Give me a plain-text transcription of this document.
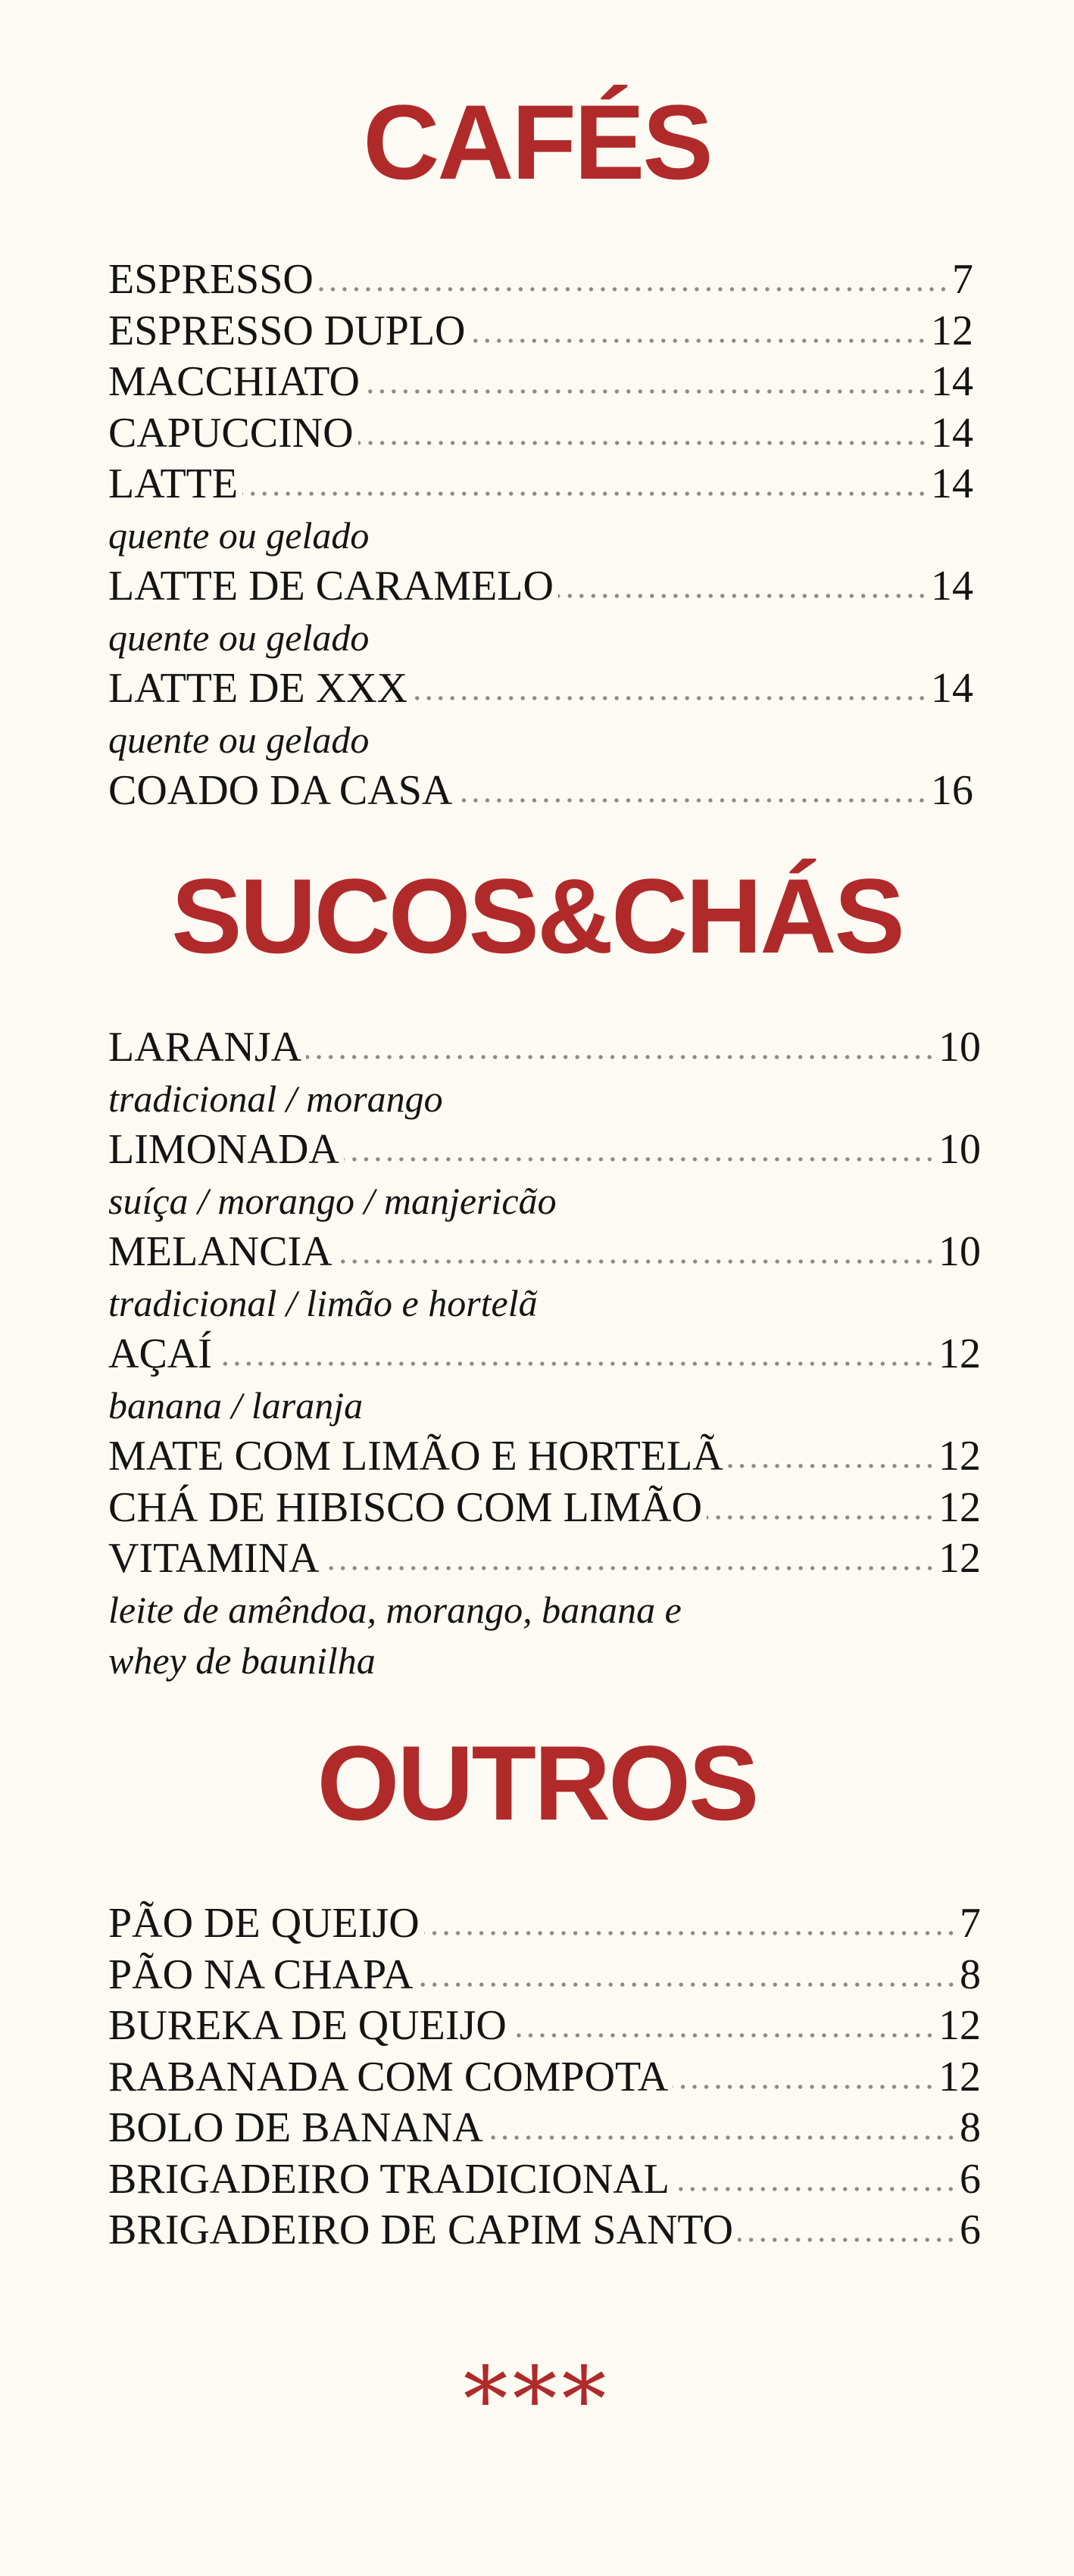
CAFÉS
ESPRESSO	7
ESPRESSO DUPLO	12
MACCHIATO	14
CAPUCCINO	14
LATTE	14
quente ou gelado
LATTE DE CARAMELO	14
quente ou gelado
LATTE DE XXX	14
quente ou gelado
COADO DA CASA	16
SUCOS&CHÁS
LARANJA	10
tradicional / morango
LIMONADA	10
suíça / morango / manjericão
MELANCIA	10
tradicional / limão e hortelã
AÇAÍ	12
banana / laranja
MATE COM LIMÃO E HORTELÃ	12
CHÁ DE HIBISCO COM LIMÃO	12
VITAMINA	12
leite de amêndoa, morango, banana e
whey de baunilha
OUTROS
PÃO DE QUEIJO	7
PÃO NA CHAPA	8
BUREKA DE QUEIJO	12
RABANADA COM COMPOTA	12
BOLO DE BANANA	8
BRIGADEIRO TRADICIONAL	6
BRIGADEIRO DE CAPIM SANTO	6
***
